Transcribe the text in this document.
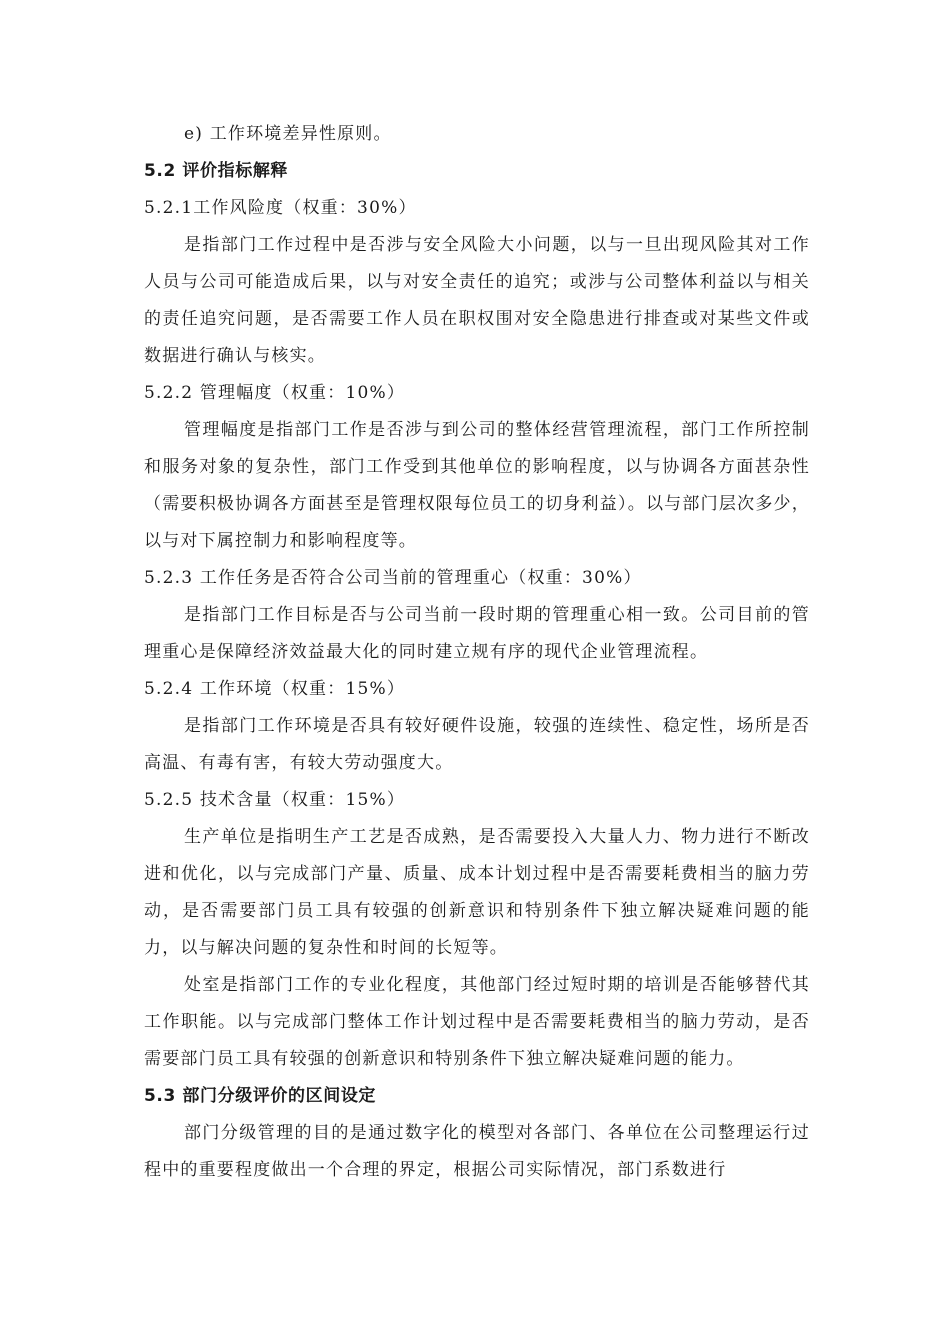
e) 工作环境差异性原则。
5.2 评价指标解释
5.2.1工作风险度（权重：30%）
是指部门工作过程中是否涉与安全风险大小问题，以与一旦出现风险其对工作人员与公司可能造成后果，以与对安全责任的追究；或涉与公司整体利益以与相关的责任追究问题，是否需要工作人员在职权围对安全隐患进行排查或对某些文件或数据进行确认与核实。
5.2.2 管理幅度（权重：10%）
管理幅度是指部门工作是否涉与到公司的整体经营管理流程，部门工作所控制和服务对象的复杂性，部门工作受到其他单位的影响程度，以与协调各方面甚杂性（需要积极协调各方面甚至是管理权限每位员工的切身利益）。以与部门层次多少，以与对下属控制力和影响程度等。
5.2.3 工作任务是否符合公司当前的管理重心（权重：30%）
是指部门工作目标是否与公司当前一段时期的管理重心相一致。公司目前的管理重心是保障经济效益最大化的同时建立规有序的现代企业管理流程。
5.2.4 工作环境（权重：15%）
是指部门工作环境是否具有较好硬件设施，较强的连续性、稳定性，场所是否高温、有毒有害，有较大劳动强度大。
5.2.5 技术含量（权重：15%）
生产单位是指明生产工艺是否成熟，是否需要投入大量人力、物力进行不断改进和优化，以与完成部门产量、质量、成本计划过程中是否需要耗费相当的脑力劳动，是否需要部门员工具有较强的创新意识和特别条件下独立解决疑难问题的能力，以与解决问题的复杂性和时间的长短等。
处室是指部门工作的专业化程度，其他部门经过短时期的培训是否能够替代其工作职能。以与完成部门整体工作计划过程中是否需要耗费相当的脑力劳动，是否需要部门员工具有较强的创新意识和特别条件下独立解决疑难问题的能力。
5.3 部门分级评价的区间设定
部门分级管理的目的是通过数字化的模型对各部门、各单位在公司整理运行过程中的重要程度做出一个合理的界定，根据公司实际情况，部门系数进行
